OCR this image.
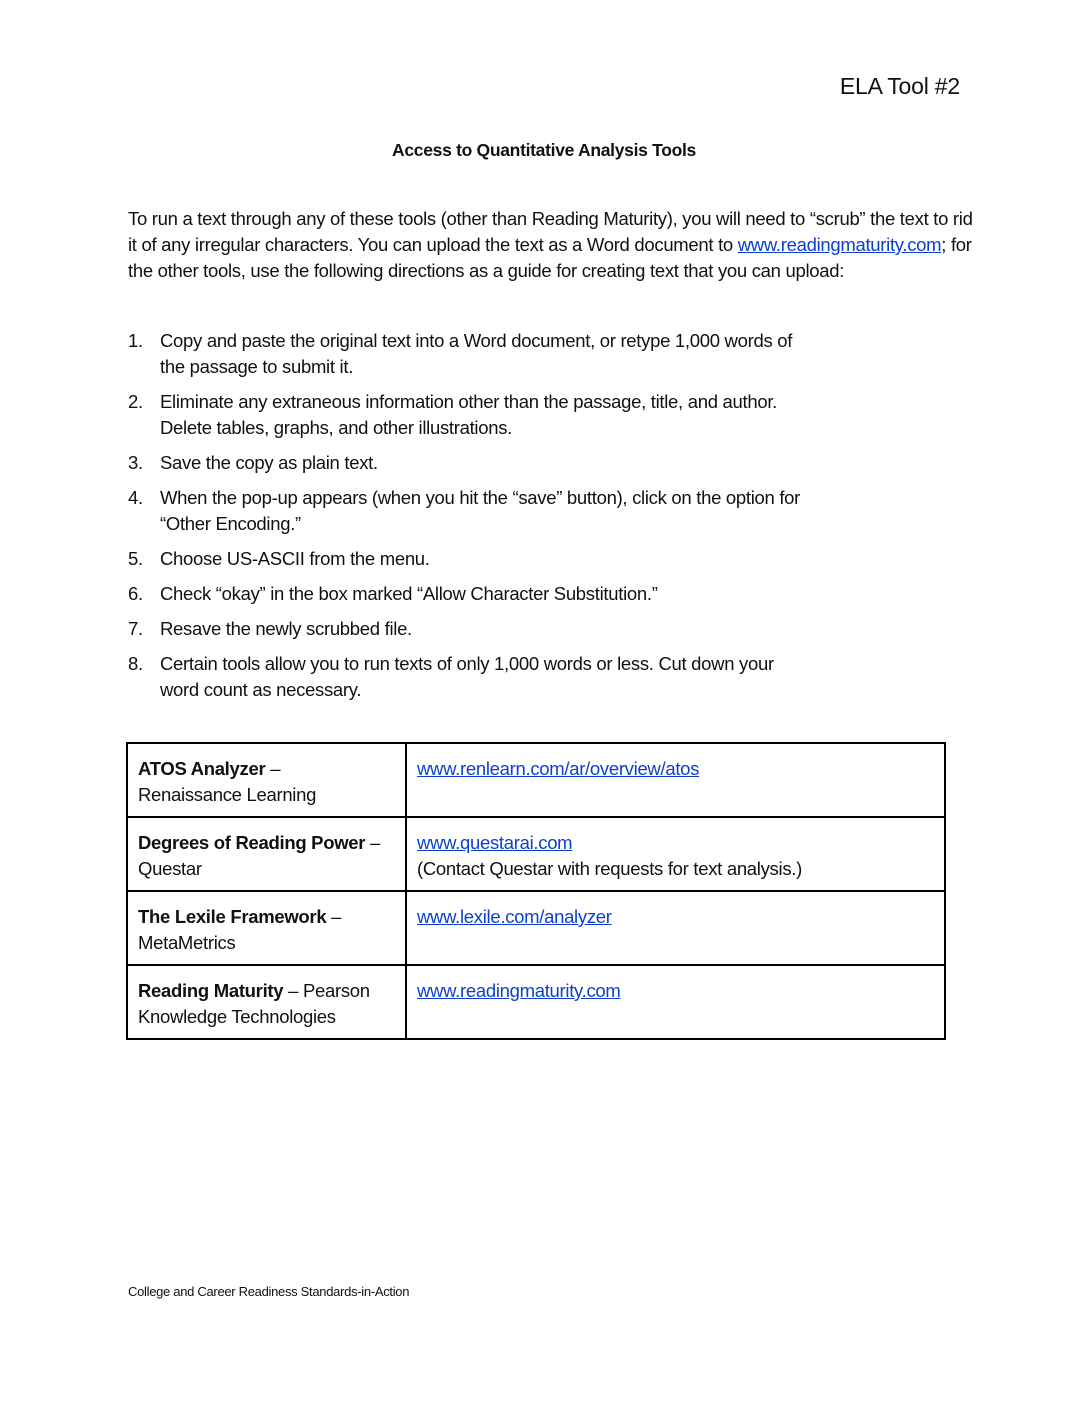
ELA Tool #2
Access to Quantitative Analysis Tools
To run a text through any of these tools (other than Reading Maturity), you will need to “scrub” the text to rid it of any irregular characters. You can upload the text as a Word document to www.readingmaturity.com; for the other tools, use the following directions as a guide for creating text that you can upload:
1. Copy and paste the original text into a Word document, or retype 1,000 words of the passage to submit it.
2. Eliminate any extraneous information other than the passage, title, and author. Delete tables, graphs, and other illustrations.
3. Save the copy as plain text.
4. When the pop-up appears (when you hit the “save” button), click on the option for “Other Encoding.”
5. Choose US-ASCII from the menu.
6. Check “okay” in the box marked “Allow Character Substitution.”
7. Resave the newly scrubbed file.
8. Certain tools allow you to run texts of only 1,000 words or less. Cut down your word count as necessary.
ATOS Analyzer –
Renaissance Learning	www.renlearn.com/ar/overview/atos
Degrees of Reading Power –
Questar	www.questarai.com
(Contact Questar with requests for text analysis.)
The Lexile Framework –
MetaMetrics	www.lexile.com/analyzer
Reading Maturity – Pearson Knowledge Technologies	www.readingmaturity.com
College and Career Readiness Standards-in-Action
